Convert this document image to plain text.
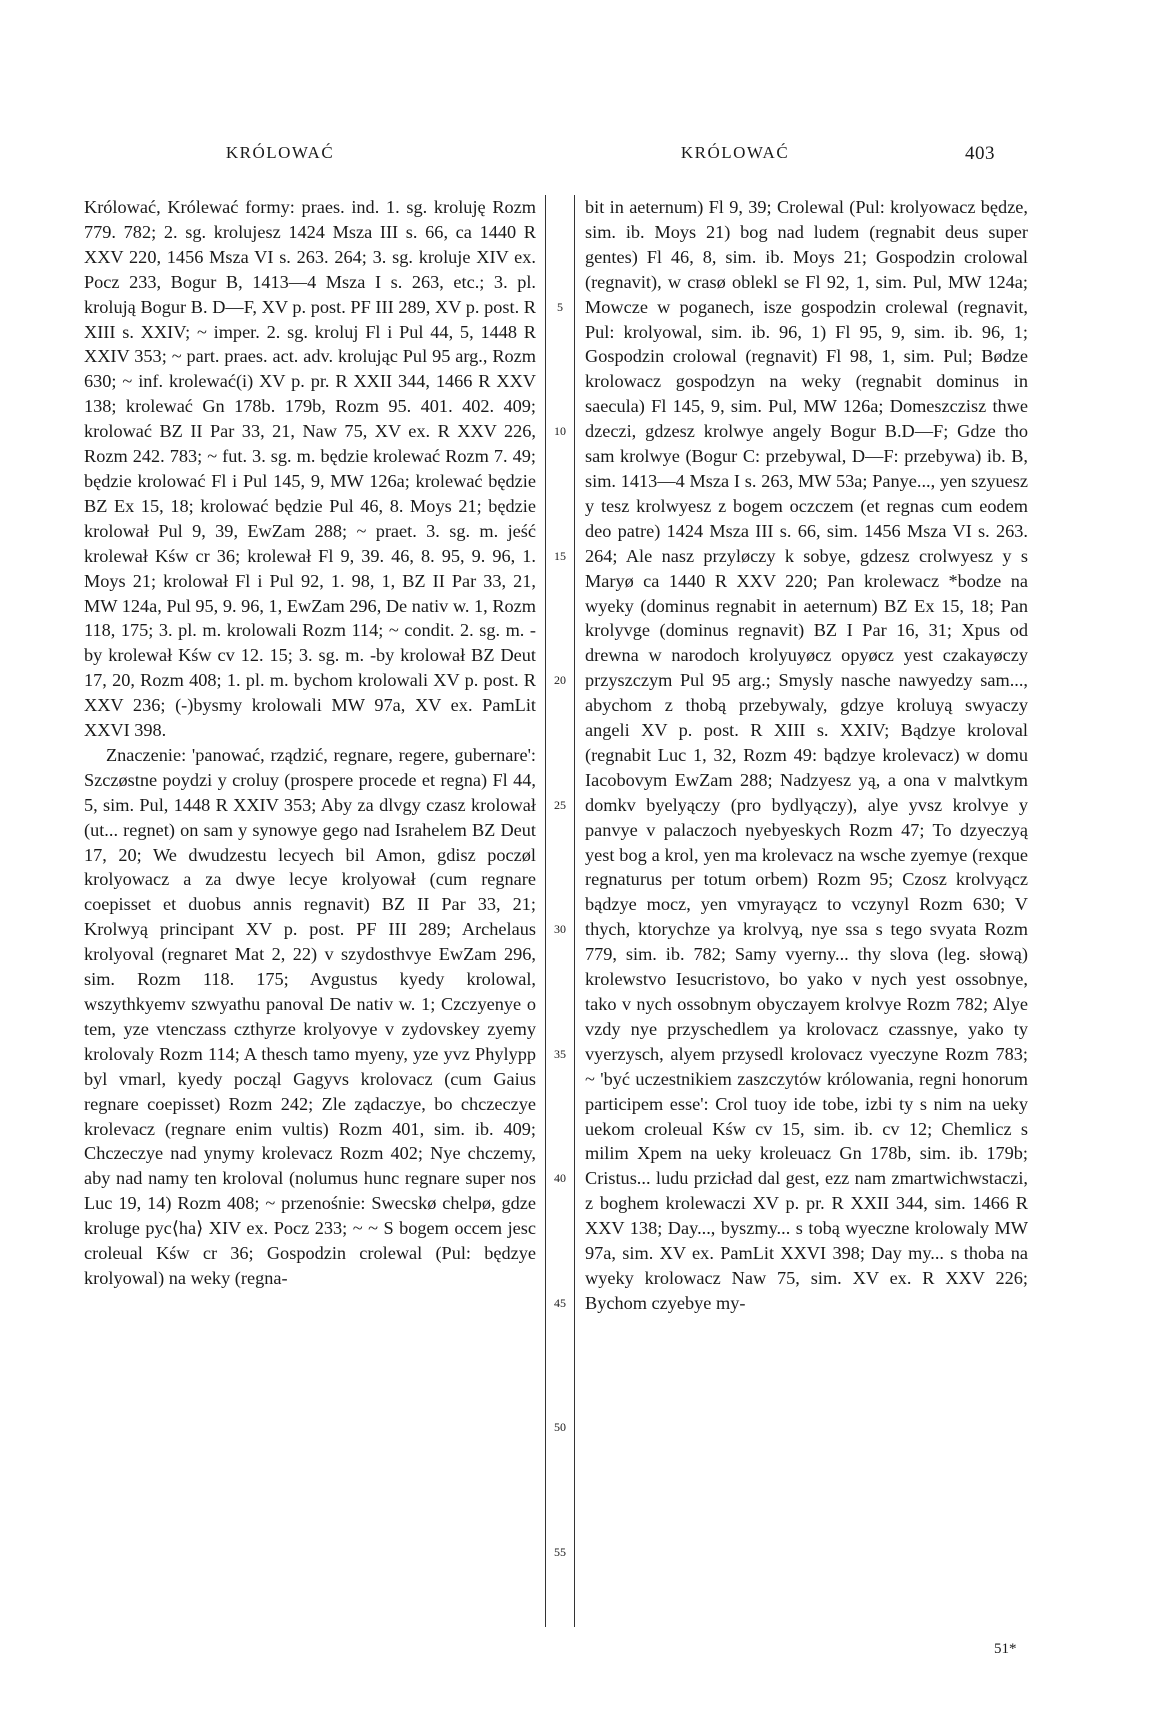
KRÓLOWAĆ	KRÓLOWAĆ	403

Królować, Królewać formy: praes. ind. 1. sg. kroluję Rozm 779. 782; 2. sg. krolujesz 1424 Msza III s. 66, ca 1440 R XXV 220, 1456 Msza VI s. 263. 264; 3. sg. kroluje XIV ex. Pocz 233, Bogur B, 1413—4 Msza I s. 263, etc.; 3. pl. krolują Bogur B. D—F, XV p. post. PF III 289, XV p. post. R XIII s. XXIV; ~ imper. 2. sg. kroluj Fl i Pul 44, 5, 1448 R XXIV 353; ~ part. praes. act. adv. krolując Pul 95 arg., Rozm 630; ~ inf. krolewać(i) XV p. pr. R XXII 344, 1466 R XXV 138; krolewać Gn 178b. 179b, Rozm 95. 401. 402. 409; krolować BZ II Par 33, 21, Naw 75, XV ex. R XXV 226, Rozm 242. 783; ~ fut. 3. sg. m. będzie krolewać Rozm 7. 49; będzie krolować Fl i Pul 145, 9, MW 126a; krolewać będzie BZ Ex 15, 18; krolować będzie Pul 46, 8. Moys 21; będzie krolował Pul 9, 39, EwZam 288; ~ praet. 3. sg. m. jeść krolewał Kśw cr 36; krolewał Fl 9, 39. 46, 8. 95, 9. 96, 1. Moys 21; krolował Fl i Pul 92, 1. 98, 1, BZ II Par 33, 21, MW 124a, Pul 95, 9. 96, 1, EwZam 296, De nativ w. 1, Rozm 118, 175; 3. pl. m. krolowali Rozm 114; ~ condit. 2. sg. m. -by krolewał Kśw cv 12. 15; 3. sg. m. -by krolował BZ Deut 17, 20, Rozm 408; 1. pl. m. bychom krolowali XV p. post. R XXV 236; (-)bysmy krolowali MW 97a, XV ex. PamLit XXVI 398.

Znaczenie: 'panować, rządzić, regnare, regere, gubernare': Szczøstne poydzi y croluy (prospere procede et regna) Fl 44, 5, sim. Pul, 1448 R XXIV 353; Aby za dlvgy czasz krolował (ut... regnet) on sam y synowye gego nad Israhelem BZ Deut 17, 20; We dwudzestu lecyech bil Amon, gdisz poczøl krolyowacz a za dwye lecye krolyował (cum regnare coepisset et duobus annis regnavit) BZ II Par 33, 21; Krolwyą principant XV p. post. PF III 289; Archelaus krolyoval (regnaret Mat 2, 22) v szydosthvye EwZam 296, sim. Rozm 118. 175; Avgustus kyedy krolowal, wszythkyemv szwyathu panoval De nativ w. 1; Czczyenye o tem, yze vtenczass czthyrze krolyovye v zydovskey zyemy krolovaly Rozm 114; A thesch tamo myeny, yze yvz Phylypp byl vmarl, kyedy począl Gagyvs krolovacz (cum Gaius regnare coepisset) Rozm 242; Zle ządaczye, bo chczeczye krolevacz (regnare enim vultis) Rozm 401, sim. ib. 409; Chczeczye nad ynymy krolevacz Rozm 402; Nye chczemy, aby nad namy ten kroloval (nolumus hunc regnare super nos Luc 19, 14) Rozm 408; ~ przenośnie: Swecskø chelpø, gdze kroluge pyc⟨ha⟩ XIV ex. Pocz 233; ~ ~ S bogem occem jesc croleual Kśw cr 36; Gospodzin crolewal (Pul: będzye krolyowal) na weky (regna-

5
10
15
20
25
30
35
40
45
50
55

bit in aeternum) Fl 9, 39; Crolewal (Pul: krolyowacz będze, sim. ib. Moys 21) bog nad ludem (regnabit deus super gentes) Fl 46, 8, sim. ib. Moys 21; Gospodzin crolowal (regnavit), w crasø oblekl se Fl 92, 1, sim. Pul, MW 124a; Mowcze w poganech, isze gospodzin crolewal (regnavit, Pul: krolyowal, sim. ib. 96, 1) Fl 95, 9, sim. ib. 96, 1; Gospodzin crolowal (regnavit) Fl 98, 1, sim. Pul; Bødze krolowacz gospodzyn na weky (regnabit dominus in saecula) Fl 145, 9, sim. Pul, MW 126a; Domeszczisz thwe dzeczi, gdzesz krolwye angely Bogur B.D—F; Gdze tho sam krolwye (Bogur C: przebywal, D—F: przebywa) ib. B, sim. 1413—4 Msza I s. 263, MW 53a; Panye..., yen szyuesz y tesz krolwyesz z bogem oczczem (et regnas cum eodem deo patre) 1424 Msza III s. 66, sim. 1456 Msza VI s. 263. 264; Ale nasz przyløczy k sobye, gdzesz crolwyesz y s Maryø ca 1440 R XXV 220; Pan krolewacz *bodze na wyeky (dominus regnabit in aeternum) BZ Ex 15, 18; Pan krolyvge (dominus regnavit) BZ I Par 16, 31; Xpus od drewna w narodoch krolyuyøcz opyøcz yest czakayøczy przyszczym Pul 95 arg.; Smysly nasche nawyedzy sam..., abychom z thobą przebywaly, gdzye kroluyą swyaczy angeli XV p. post. R XIII s. XXIV; Bądzye kroloval (regnabit Luc 1, 32, Rozm 49: bądzye krolevacz) w domu Iacobovym EwZam 288; Nadzyesz yą, a ona v malvtkym domkv byelyączy (pro bydlyączy), alye yvsz krolvye y panvye v palaczoch nyebyeskych Rozm 47; To dzyeczyą yest bog a krol, yen ma krolevacz na wsche zyemye (rexque regnaturus per totum orbem) Rozm 95; Czosz krolvyącz bądzye mocz, yen vmyrayącz to vczynyl Rozm 630; V thych, ktorychze ya krolvyą, nye ssa s tego svyata Rozm 779, sim. ib. 782; Samy vyerny... thy slova (leg. słową) krolewstvo Iesucristovo, bo yako v nych yest ossobnye, tako v nych ossobnym obyczayem krolvye Rozm 782; Alye vzdy nye przyschedlem ya krolovacz czassnye, yako ty vyerzysch, alyem przysedl krolovacz vyeczyne Rozm 783; ~ 'być uczestnikiem zaszczytów królowania, regni honorum participem esse': Crol tuoy ide tobe, izbi ty s nim na ueky uekom croleual Kśw cv 15, sim. ib. cv 12; Chemlicz s milim Xpem na ueky kroleuacz Gn 178b, sim. ib. 179b; Cristus... ludu przicład dal gest, ezz nam zmartwichwstaczi, z boghem krolewaczi XV p. pr. R XXII 344, sim. 1466 R XXV 138; Day..., byszmy... s tobą wyeczne krolowaly MW 97a, sim. XV ex. PamLit XXVI 398; Day my... s thoba na wyeky krolowacz Naw 75, sim. XV ex. R XXV 226; Bychom czyebye my-

51*
